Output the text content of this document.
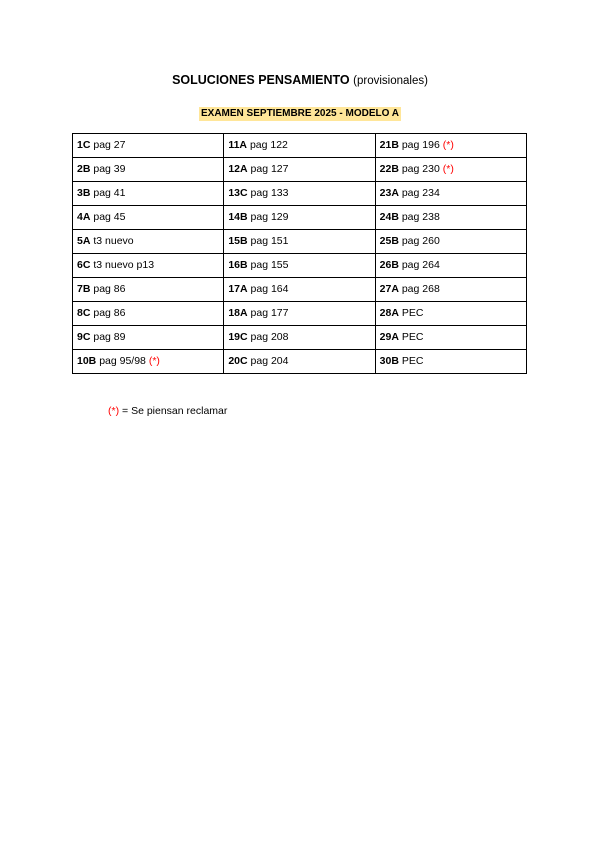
SOLUCIONES PENSAMIENTO (provisionales)
EXAMEN SEPTIEMBRE 2025 - MODELO A
1C pag 27	11A pag 122	21B pag 196 (*)
2B pag 39	12A pag 127	22B pag 230 (*)
3B pag 41	13C pag 133	23A pag 234
4A pag 45	14B pag 129	24B pag 238
5A t3 nuevo	15B pag 151	25B pag 260
6C t3 nuevo p13	16B pag 155	26B pag 264
7B pag 86	17A pag 164	27A pag 268
8C pag 86	18A pag 177	28A PEC
9C pag 89	19C pag 208	29A PEC
10B pag 95/98 (*)	20C pag 204	30B PEC
(*) = Se piensan reclamar
